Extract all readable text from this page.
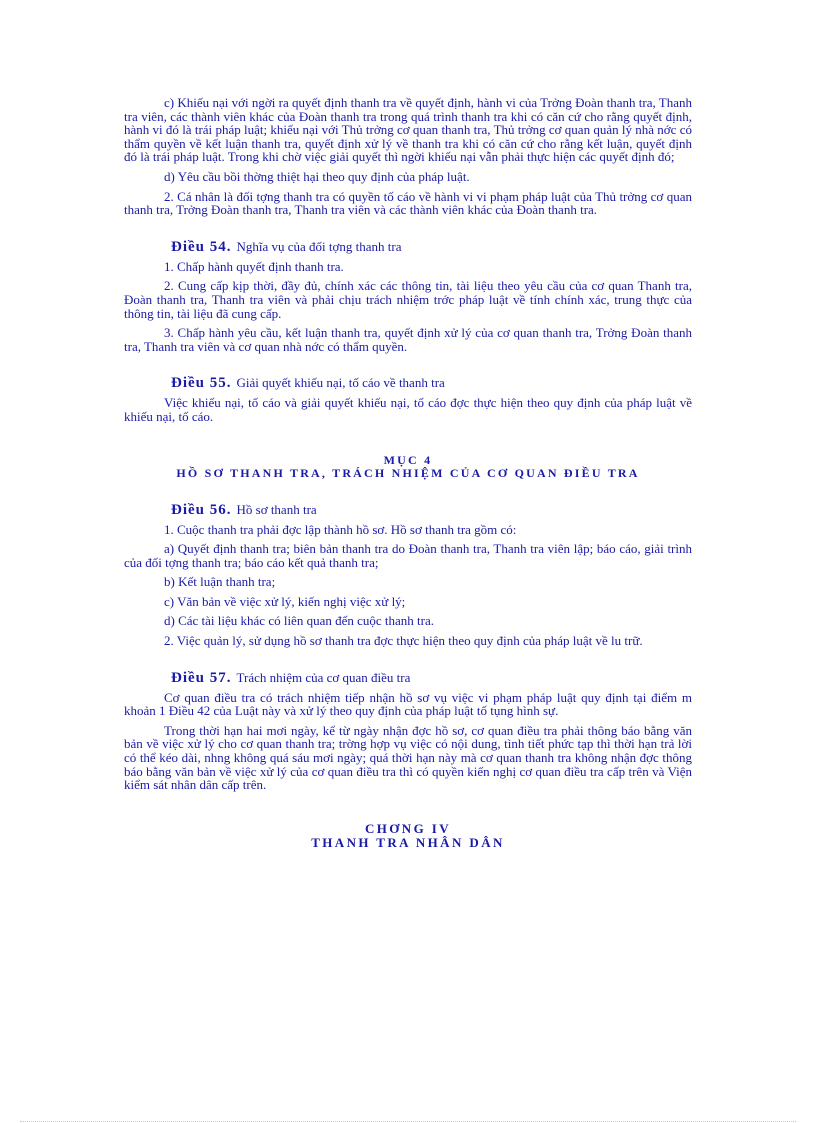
c) Khiếu nại với ngời ra quyết định thanh tra về quyết định, hành vi của Trởng Đoàn thanh tra, Thanh tra viên, các thành viên khác của Đoàn thanh tra trong quá trình thanh tra khi có căn cứ cho rằng quyết định, hành vi đó là trái pháp luật; khiếu nại với Thủ trởng cơ quan thanh tra, Thủ trởng cơ quan quản lý nhà nớc có thẩm quyền về kết luận thanh tra, quyết định xử lý về thanh tra khi có căn cứ cho rằng kết luận, quyết định đó là trái pháp luật. Trong khi chờ việc giải quyết thì ngời khiếu nại vẫn phải thực hiện các quyết định đó;

d) Yêu cầu bồi thờng thiệt hại theo quy định của pháp luật.

2. Cá nhân là đối tợng thanh tra có quyền tố cáo về hành vi vi phạm pháp luật của Thủ trởng cơ quan thanh tra, Trởng Đoàn thanh tra, Thanh tra viên và các thành viên khác của Đoàn thanh tra.

Điều 54. Nghĩa vụ của đối tợng thanh tra

1. Chấp hành quyết định thanh tra.

2. Cung cấp kịp thời, đầy đủ, chính xác các thông tin, tài liệu theo yêu cầu của cơ quan Thanh tra, Đoàn thanh tra, Thanh tra viên và phải chịu trách nhiệm trớc pháp luật về tính chính xác, trung thực của thông tin, tài liệu đã cung cấp.

3. Chấp hành yêu cầu, kết luận thanh tra, quyết định xử lý của cơ quan thanh tra, Trởng Đoàn thanh tra, Thanh tra viên và cơ quan nhà nớc có thẩm quyền.

Điều 55. Giải quyết khiếu nại, tố cáo về thanh tra

Việc khiếu nại, tố cáo và giải quyết khiếu nại, tố cáo đợc thực hiện theo quy định của pháp luật về khiếu nại, tố cáo.

MỤC 4
HỒ SƠ THANH TRA, TRÁCH NHIỆM CỦA CƠ QUAN ĐIỀU TRA
Điều 56. Hồ sơ thanh tra

1. Cuộc thanh tra phải đợc lập thành hồ sơ. Hồ sơ thanh tra gồm có:

a) Quyết định thanh tra; biên bản thanh tra do Đoàn thanh tra, Thanh tra viên lập; báo cáo, giải trình của đối tợng thanh tra; báo cáo kết quả thanh tra;

b) Kết luận thanh tra;

c) Văn bản về việc xử lý, kiến nghị việc xử lý;

d) Các tài liệu khác có liên quan đến cuộc thanh tra.

2. Việc quản lý, sử dụng hồ sơ thanh tra đợc thực hiện theo quy định của pháp luật về lu trữ.

Điều 57. Trách nhiệm của cơ quan điều tra

Cơ quan điều tra có trách nhiệm tiếp nhận hồ sơ vụ việc vi phạm pháp luật quy định tại điểm m khoản 1 Điều 42 của Luật này và xử lý theo quy định của pháp luật tố tụng hình sự.

Trong thời hạn hai mơi ngày, kể từ ngày nhận đợc hồ sơ, cơ quan điều tra phải thông báo bằng văn bản về việc xử lý cho cơ quan thanh tra; trờng hợp vụ việc có nội dung, tình tiết phức tạp thì thời hạn trả lời có thể kéo dài, nhng không quá sáu mơi ngày; quá thời hạn này mà cơ quan thanh tra không nhận đợc thông báo bằng văn bản về việc xử lý của cơ quan điều tra thì có quyền kiến nghị cơ quan điều tra cấp trên và Viện kiểm sát nhân dân cấp trên.

CHƠNG IV
THANH TRA NHÂN DÂN
